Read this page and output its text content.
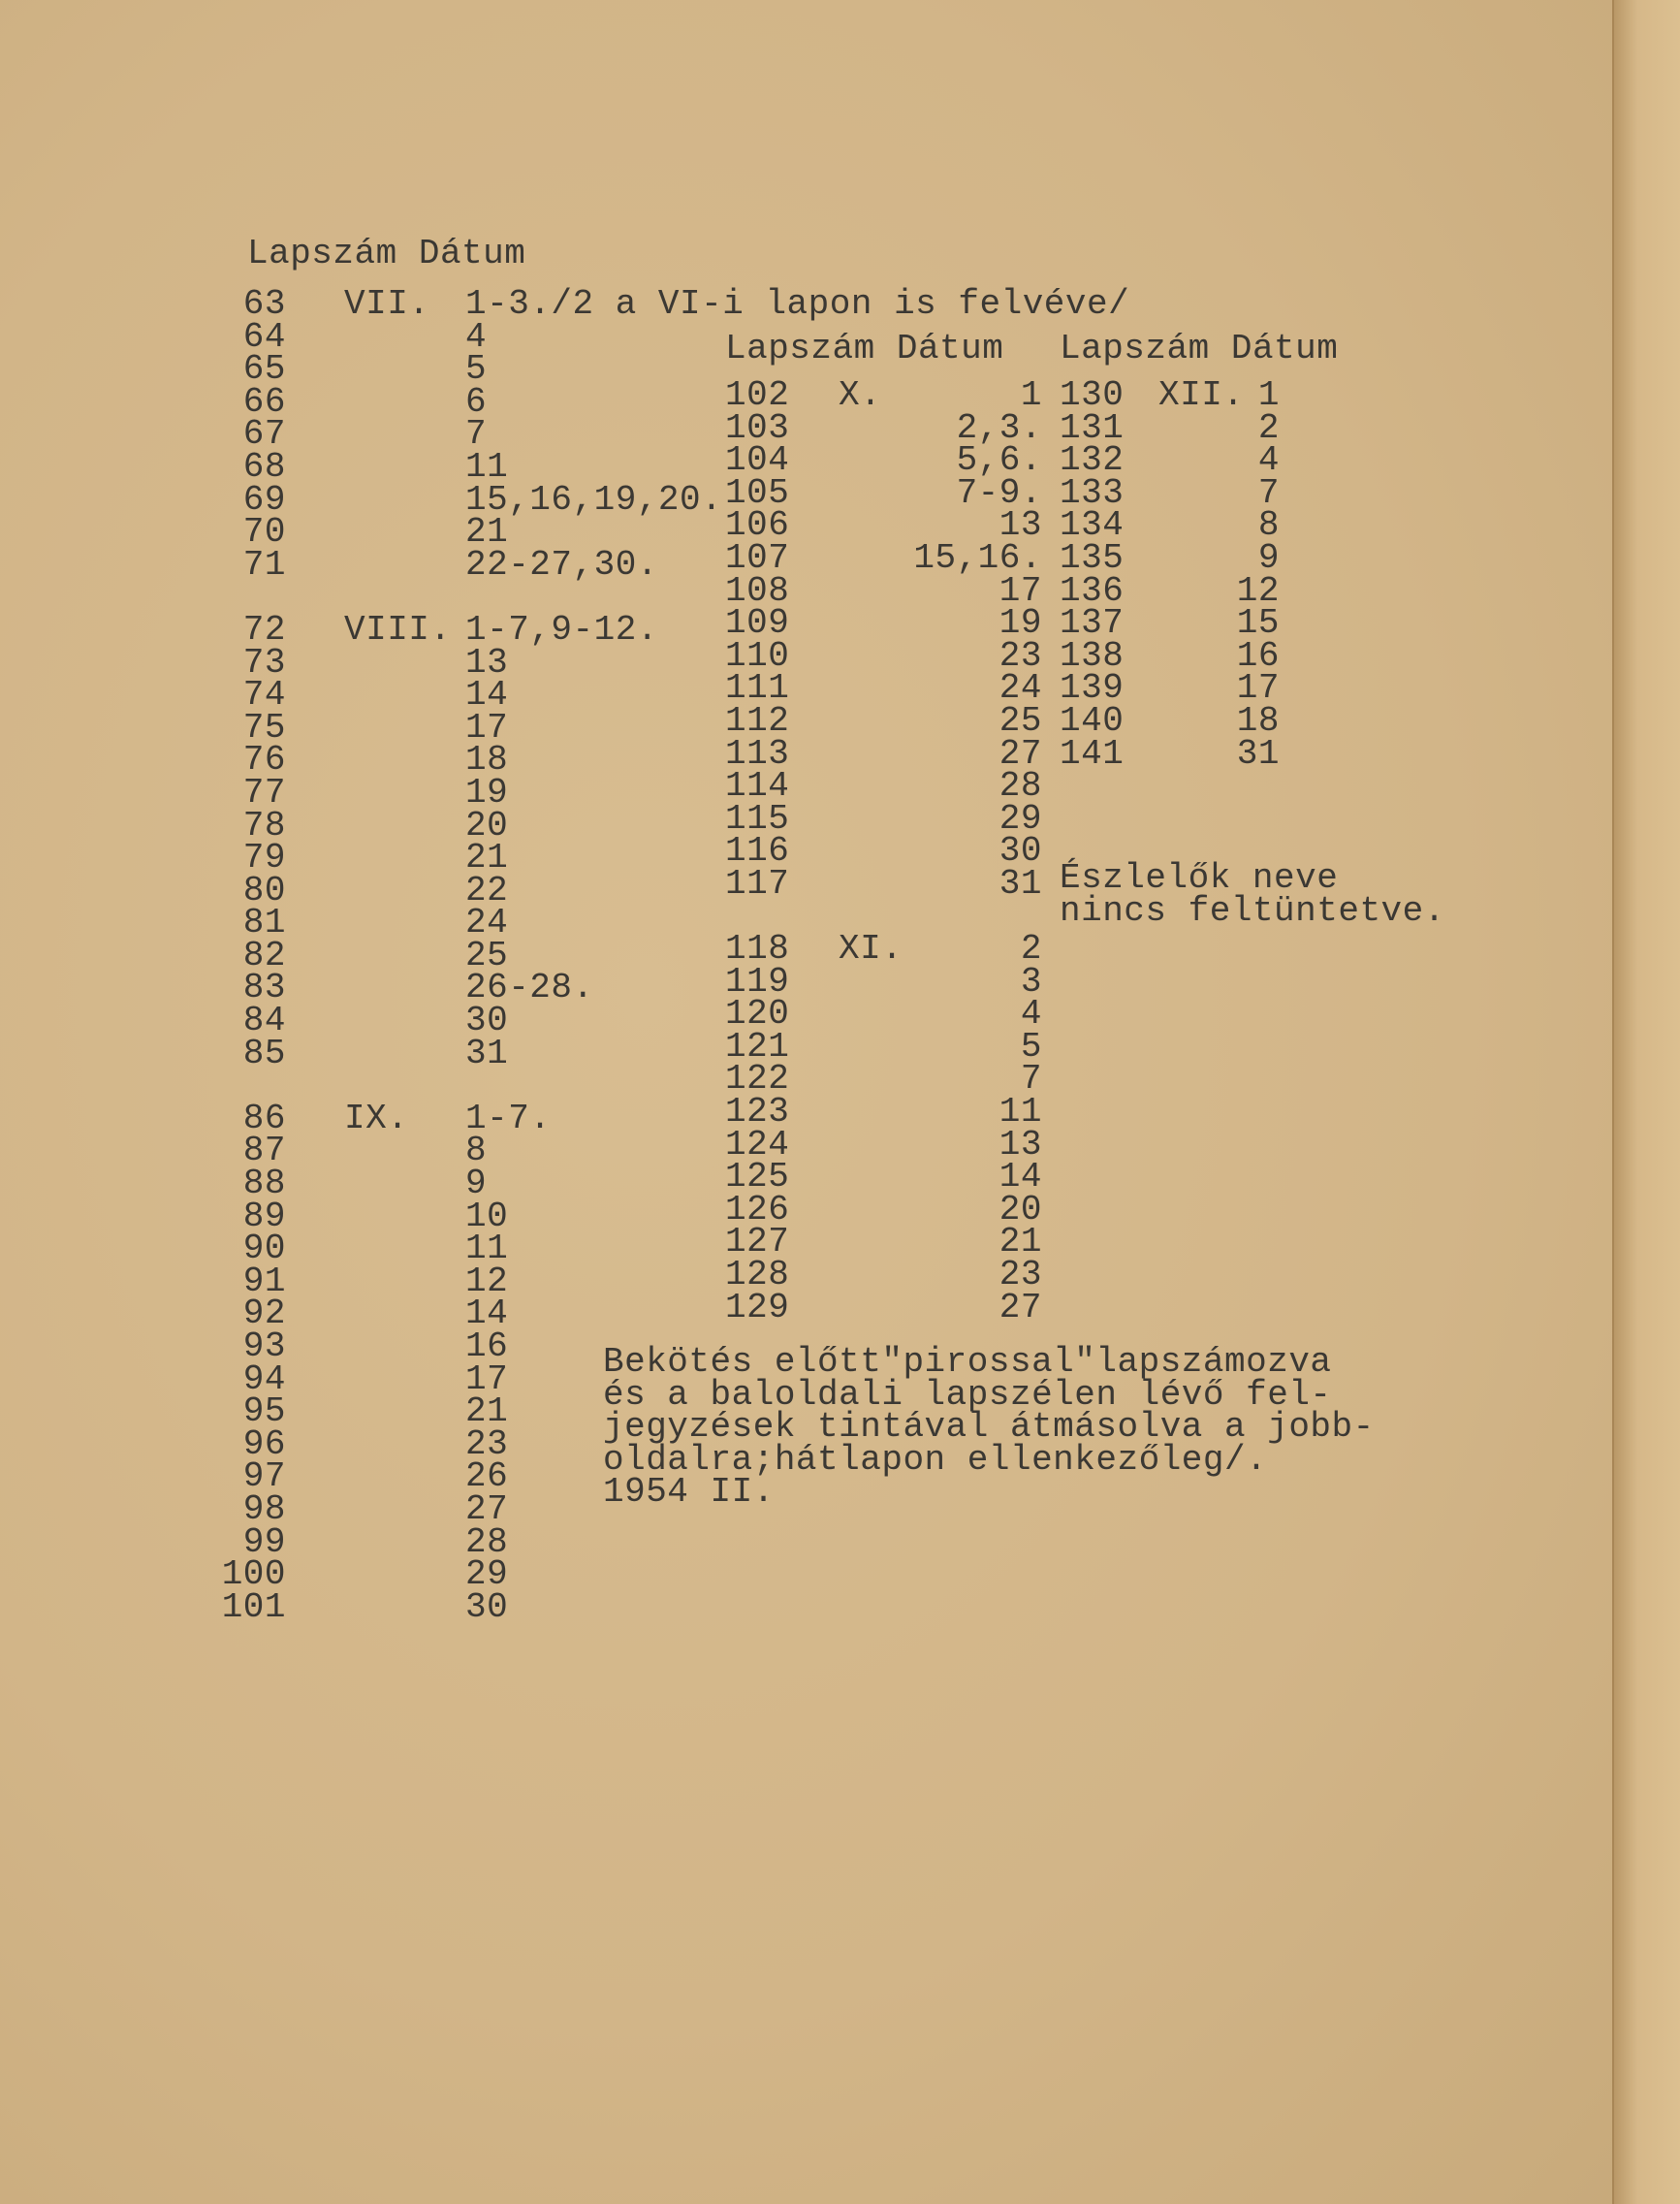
Lapszám Dátum
63
64
65
66
67
68
69
70
71

72
73
74
75
76
77
78
79
80
81
82
83
84
85

86
87
88
89
90
91
92
93
94
95
96
97
98
99
100
101
VII.
VIII.
IX.
1-3./2 a VI-i lapon is felvéve/
4
5
6
7
11
15,16,19,20.
21
22-27,30.

1-7,9-12.
13
14
17
18
19
20
21
22
24
25
26-28.
30
31

1-7.
8
9
10
11
12
14
16
17
21
23
26
27
28
29
30
Lapszám Dátum
102
103
104
105
106
107
108
109
110
111
112
113
114
115
116
117

118
119
120
121
122
123
124
125
126
127
128
129
X.
XI.
1
2,3.
5,6.
7-9.
13
15,16.
17
19
23
24
25
27
28
29
30
31

2
3
4
5
7
11
13
14
20
21
23
27
Lapszám Dátum
130
131
132
133
134
135
136
137
138
139
140
141
XII. 1
2
4
7
8
9
12
15
16
17
18
31
Észlelők neve
nincs feltüntetve.
Bekötés előtt"pirossal"lapszámozva
és a baloldali lapszélen lévő fel-
jegyzések tintával átmásolva a jobb-
oldalra;hátlapon ellenkezőleg/.
1954 II.
